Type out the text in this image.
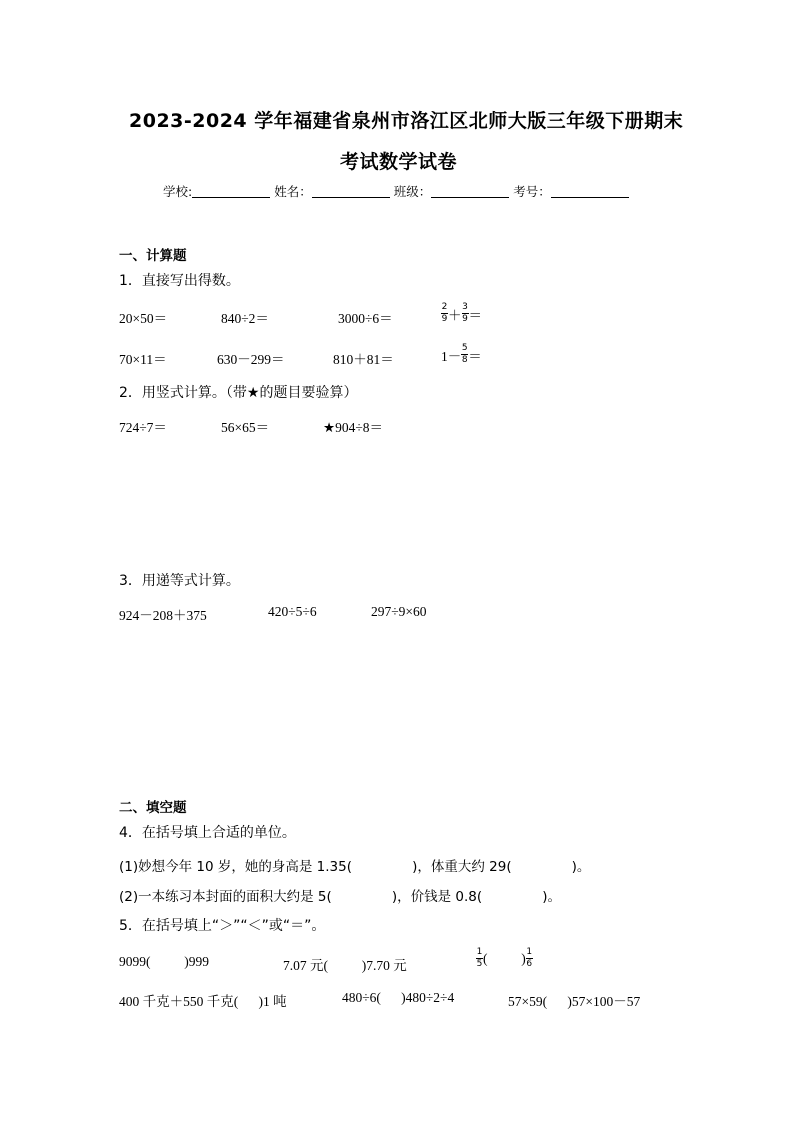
2023-2024 学年福建省泉州市洛江区北师大版三年级下册期末
考试数学试卷
学校:	姓名：	班级：	考号：
一、计算题
1．直接写出得数。
20×50＝	840÷2＝	3000÷6＝	$\frac{2}{9} + \frac{3}{9}$ ＝
70×11＝	630－299＝	810＋81＝	$1- \frac{5}{8}$ ＝
2．用竖式计算。（带★的题目要验算）
724÷7＝	56×65＝	★904÷8＝
3．用递等式计算。
924－208＋375	420÷5÷6	297÷9×60
二、填空题
4．在括号填上合适的单位。
(1)妙想今年 10 岁，她的身高是 1.35(              )，体重大约 29(              )。
(2)一本练习本封面的面积大约是 5(              )，价钱是 0.8(              )。
5．在括号填上“＞”“＜”或“＝”。
9099(          )999	7.07 元(          )7.70 元	$\frac{1}{5}$ (          ) $\frac{1}{6}$
400 千克＋550 千克(      )1 吨	480÷6(      )480÷2÷4	57×59(      )57×100－57
